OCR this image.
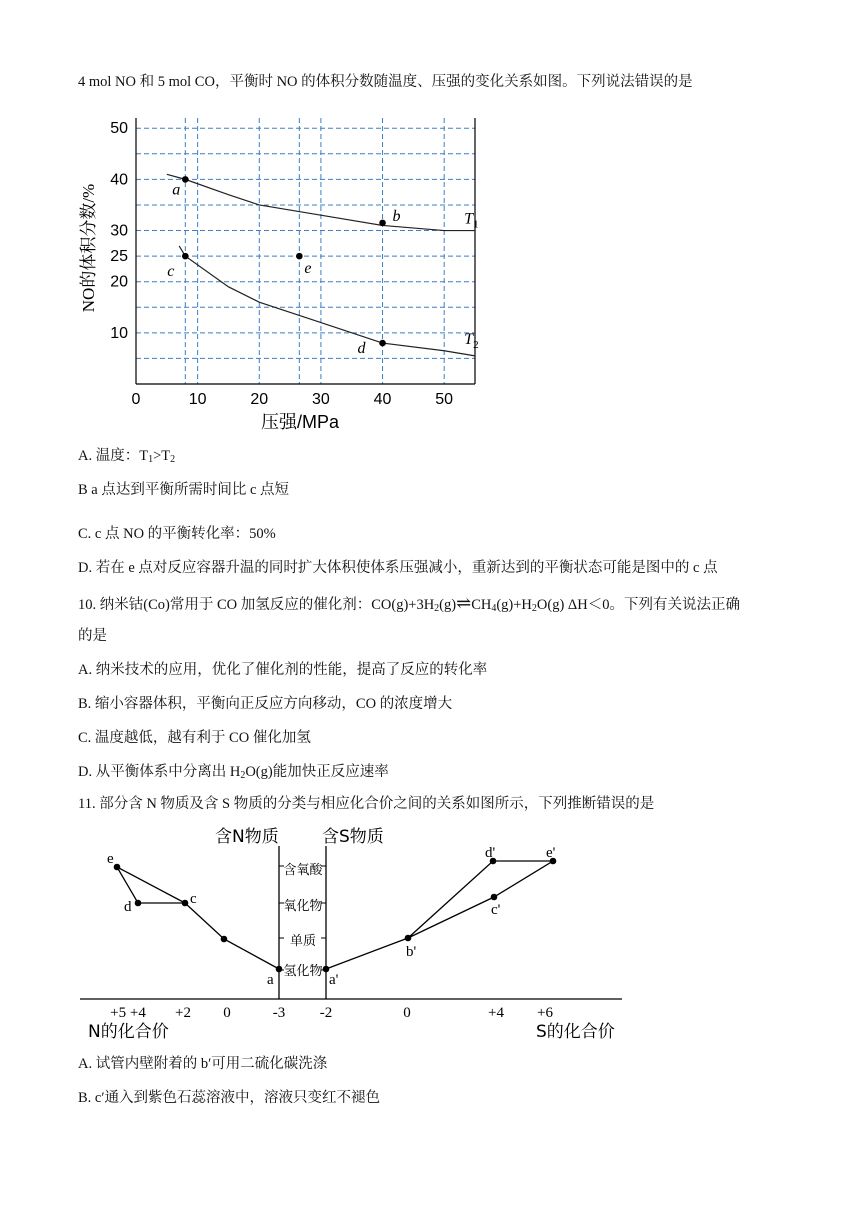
4 mol NO 和 5 mol CO，平衡时 NO 的体积分数随温度、压强的变化关系如图。下列说法错误的是
$T_1$
$T_2$
a
b
c
d
e
0	10	20	30	40	50
10
20
25
30
40
50
压强/MPa
NO的体积分数/%
A. 温度：$T_1>T_2$
B a 点达到平衡所需时间比 c 点短
C. c 点 NO 的平衡转化率：50%
D. 若在 e 点对反应容器升温的同时扩大体积使体系压强减小，重新达到的平衡状态可能是图中的 c 点
10. 纳米钴(Co)常用于 CO 加氢反应的催化剂：$CO(g)+3H_2(g)\rightleftharpoons CH_4(g)+H_2O(g)$ ΔH＜0。下列有关说法正确
的是
A. 纳米技术的应用，优化了催化剂的性能，提高了反应的转化率
B. 缩小容器体积，平衡向正反应方向移动，CO 的浓度增大
C. 温度越低，越有利于 CO 催化加氢
D. 从平衡体系中分离出 $H_2O(g)$能加快正反应速率
11. 部分含 N 物质及含 S 物质的分类与相应化合价之间的关系如图所示，下列推断错误的是
含N物质	含S物质
含氧酸
氧化物
单质
氢化物
e
d	c
a	a'
b'
c'
d'	e'
+5 +4 +2 0	-3 -2	0	+4 +6
N的化合价	S的化合价
A. 试管内壁附着的 b′可用二硫化碳洗涤
B. c′通入到紫色石蕊溶液中，溶液只变红不褪色
